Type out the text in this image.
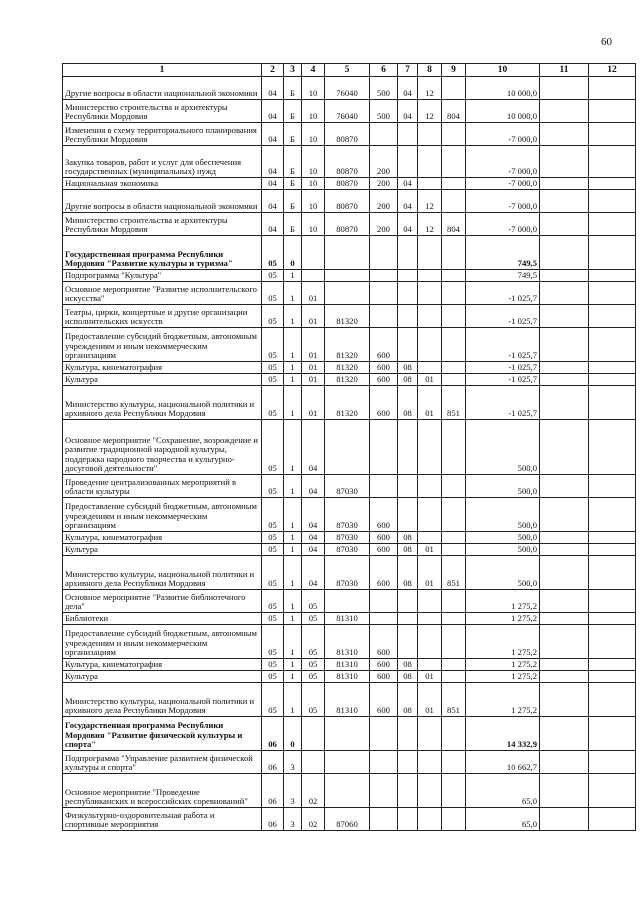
60
1	2	3	4	5	6	7	8	9	10	11	12
Другие вопросы в области национальной экономики	04	Б	10	76040	500	04	12		10 000,0		
Министерство строительства и архитектуры Республики Мордовия	04	Б	10	76040	500	04	12	804	10 000,0		
Изменения в схему территориального планирования Республики Мордовия	04	Б	10	80870					-7 000,0		
Закупка товаров, работ и услуг для обеспечения государственных (муниципальных) нужд	04	Б	10	80870	200				-7 000,0		
Национальная экономика	04	Б	10	80870	200	04			-7 000,0		
Другие вопросы в области национальной экономики	04	Б	10	80870	200	04	12		-7 000,0		
Министерство строительства и архитектуры Республики Мордовия	04	Б	10	80870	200	04	12	804	-7 000,0		
Государственная программа Республики Мордовия "Развитие культуры и туризма"	05	0							749,5		
Подпрограмма "Культура"	05	1							749,5		
Основное мероприятие "Развитие исполнительского искусства"	05	1	01						-1 025,7		
Театры, цирки, концертные и другие организации исполнительских искусств	05	1	01	81320					-1 025,7		
Предоставление субсидий бюджетным, автономным учреждениям и иным некоммерческим организациям	05	1	01	81320	600				-1 025,7		
Культура, кинематография	05	1	01	81320	600	08			-1 025,7		
Культура	05	1	01	81320	600	08	01		-1 025,7		
Министерство культуры, национальной политики и архивного дела Республики Мордовия	05	1	01	81320	600	08	01	851	-1 025,7		
Основное мероприятие "Сохранение, возрождение и развитие традиционной народной культуры, поддержка народного творчества и культурно-досуговой деятельности"	05	1	04						500,0		
Проведение централизованных мероприятий в области культуры	05	1	04	87030					500,0		
Предоставление субсидий бюджетным, автономным учреждениям и иным некоммерческим организациям	05	1	04	87030	600				500,0		
Культура, кинематография	05	1	04	87030	600	08			500,0		
Культура	05	1	04	87030	600	08	01		500,0		
Министерство культуры, национальной политики и архивного дела Республики Мордовия	05	1	04	87030	600	08	01	851	500,0		
Основное мероприятие "Развитие библиотечного дела"	05	1	05						1 275,2		
Библиотеки	05	1	05	81310					1 275,2		
Предоставление субсидий бюджетным, автономным учреждениям и иным некоммерческим организациям	05	1	05	81310	600				1 275,2		
Культура, кинематография	05	1	05	81310	600	08			1 275,2		
Культура	05	1	05	81310	600	08	01		1 275,2		
Министерство культуры, национальной политики и архивного дела Республики Мордовия	05	1	05	81310	600	08	01	851	1 275,2		
Государственная программа Республики Мордовия "Развитие физической культуры и спорта"	06	0							14 332,9		
Подпрограмма "Управление развитием физической культуры и спорта"	06	3							10 662,7		
Основное мероприятие "Проведение республиканских и всероссийских соревнований"	06	3	02						65,0		
Физкультурно-оздоровительная работа и спортивные мероприятия	06	3	02	87060					65,0		
